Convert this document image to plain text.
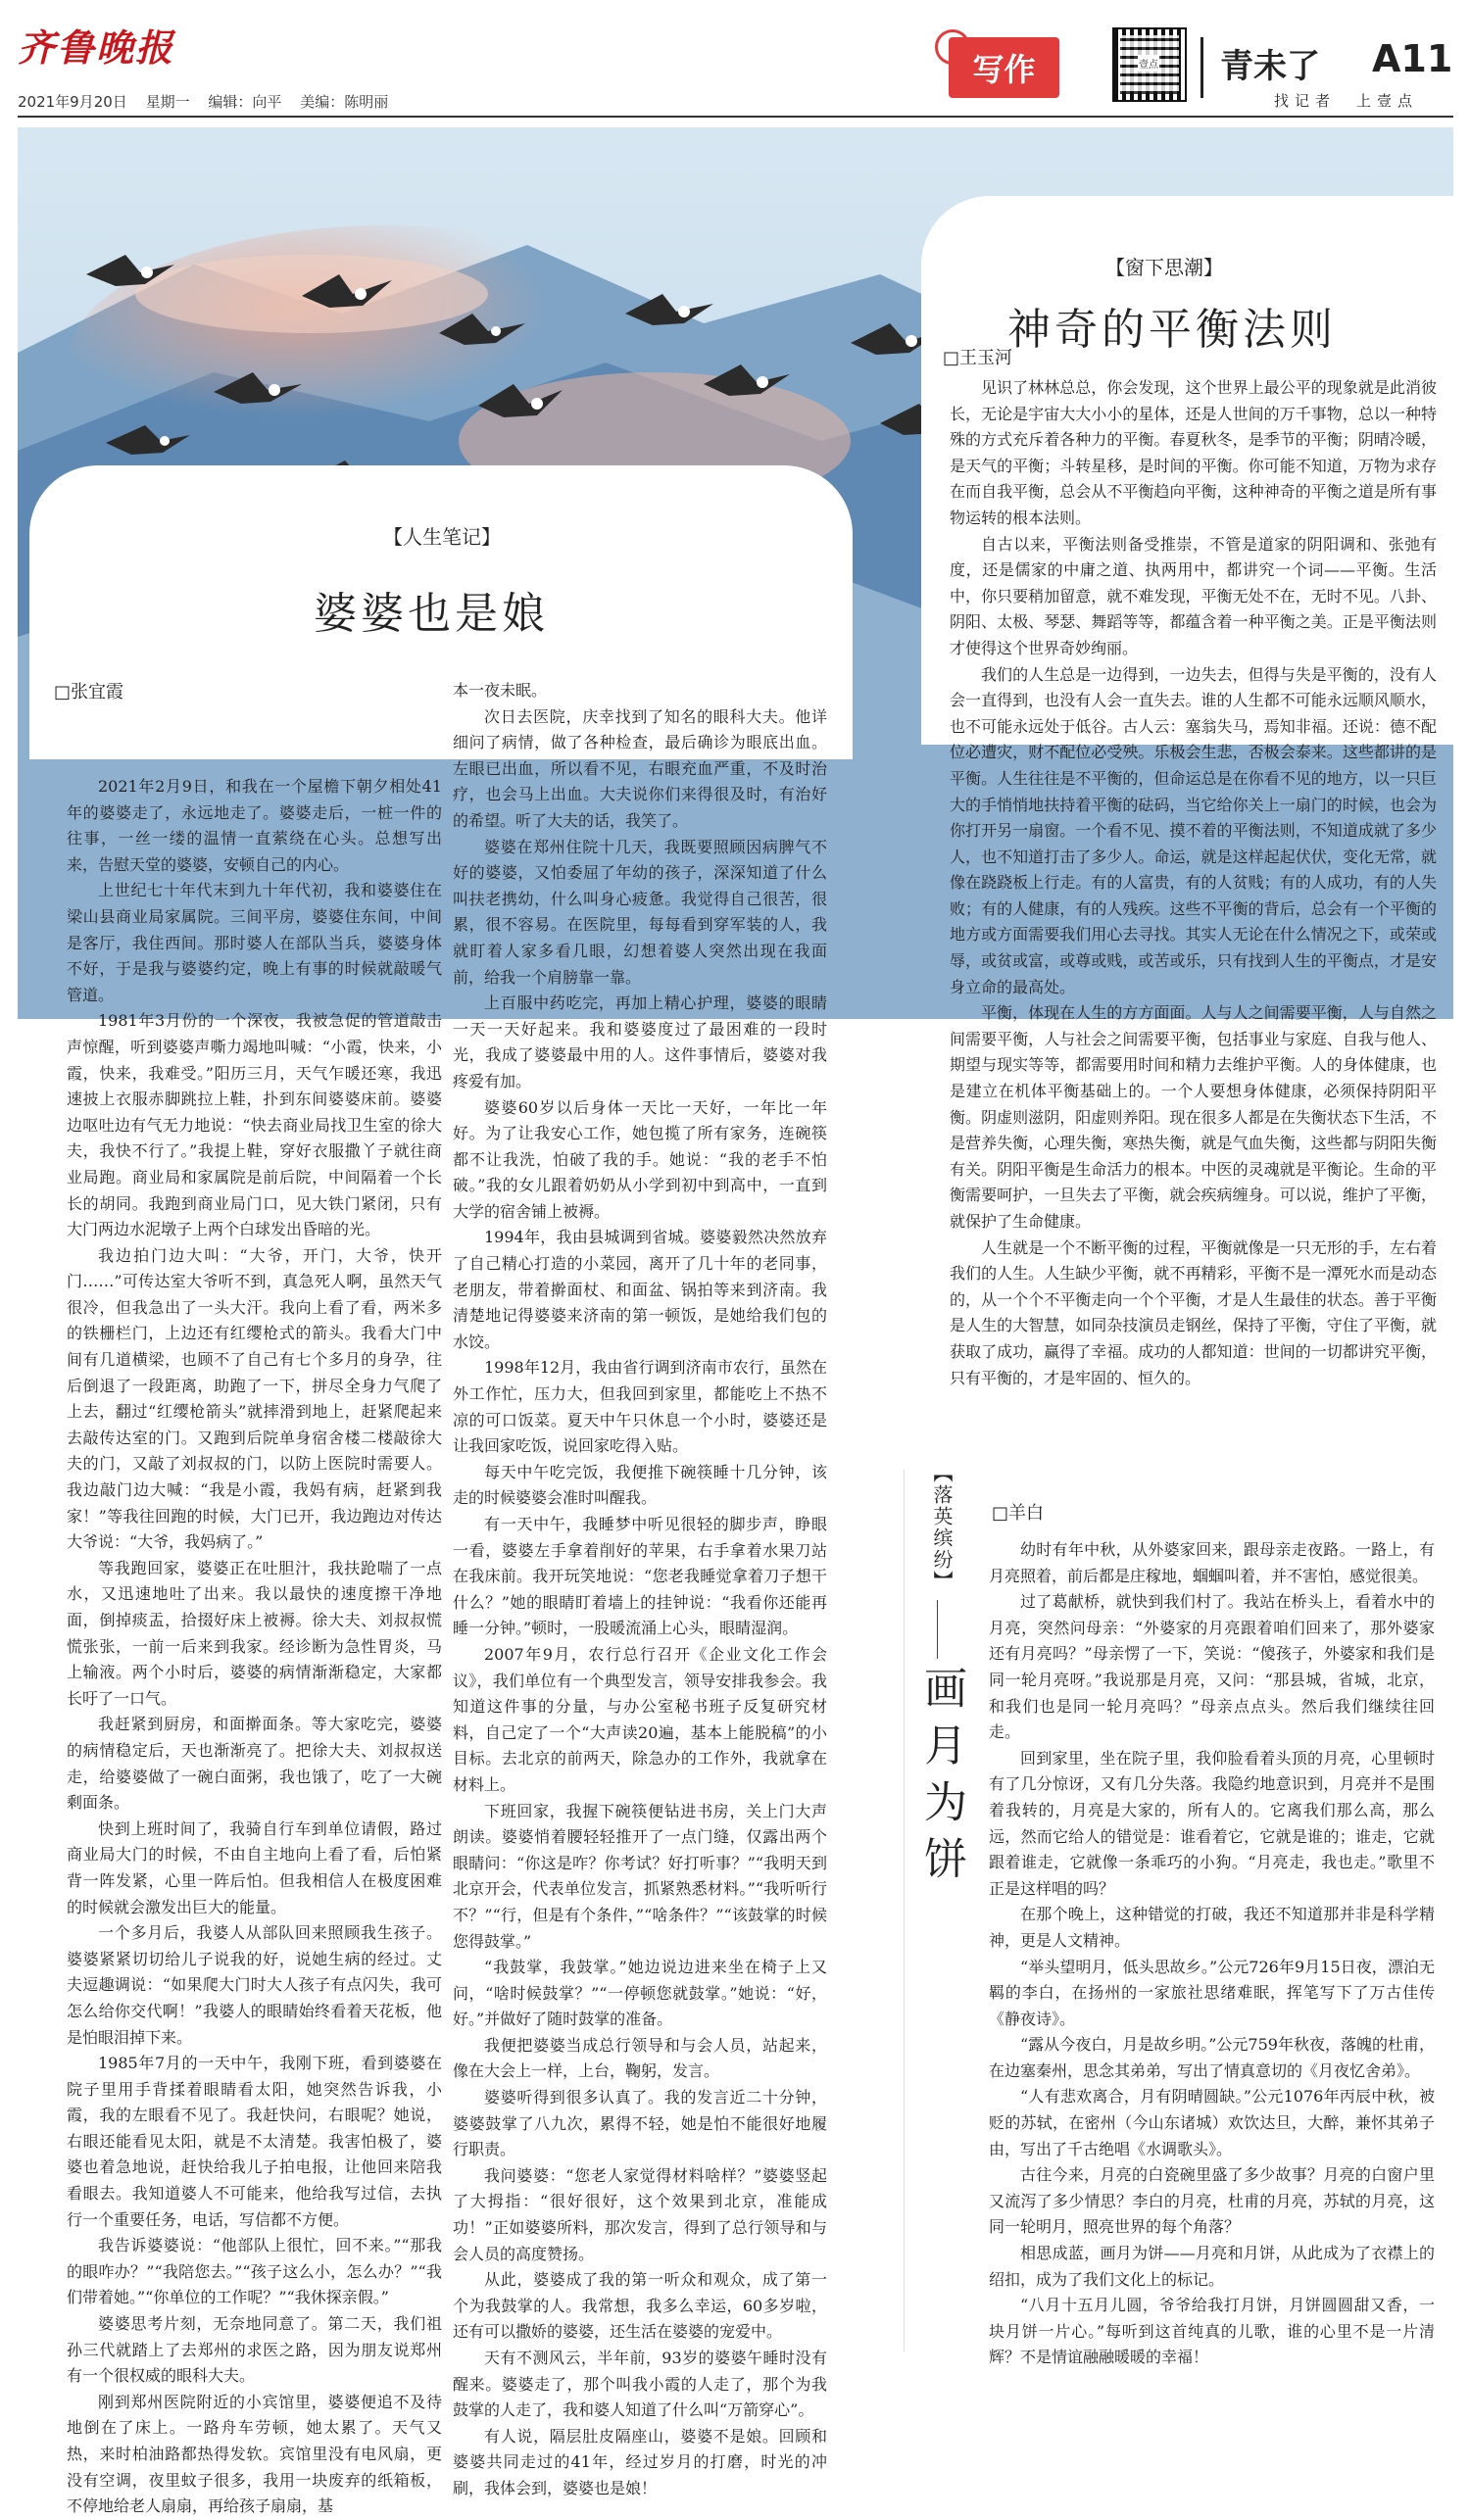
齐鲁晚报
2021年9月20日 星期一 编辑：向平 美编：陈明丽
写作	壹点 青未了 A11
找记者　上壹点
【窗下思潮】
神奇的平衡法则
□王玉河

见识了林林总总，你会发现，这个世界上最公平的现象就是此消彼长，无论是宇宙大大小小的星体，还是人世间的万千事物，总以一种特殊的方式充斥着各种力的平衡。春夏秋冬，是季节的平衡；阴晴冷暖，是天气的平衡；斗转星移，是时间的平衡。你可能不知道，万物为求存在而自我平衡，总会从不平衡趋向平衡，这种神奇的平衡之道是所有事物运转的根本法则。

自古以来，平衡法则备受推崇，不管是道家的阴阳调和、张弛有度，还是儒家的中庸之道、执两用中，都讲究一个词——平衡。生活中，你只要稍加留意，就不难发现，平衡无处不在，无时不见。八卦、阴阳、太极、琴瑟、舞蹈等等，都蕴含着一种平衡之美。正是平衡法则才使得这个世界奇妙绚丽。

我们的人生总是一边得到，一边失去，但得与失是平衡的，没有人会一直得到，也没有人会一直失去。谁的人生都不可能永远顺风顺水，也不可能永远处于低谷。古人云：塞翁失马，焉知非福。还说：德不配位必遭灾，财不配位必受殃。乐极会生悲，否极会泰来。这些都讲的是平衡。人生往往是不平衡的，但命运总是在你看不见的地方，以一只巨大的手悄悄地扶持着平衡的砝码，当它给你关上一扇门的时候，也会为你打开另一扇窗。一个看不见、摸不着的平衡法则，不知道成就了多少人，也不知道打击了多少人。命运，就是这样起起伏伏，变化无常，就像在跷跷板上行走。有的人富贵，有的人贫贱；有的人成功，有的人失败；有的人健康，有的人残疾。这些不平衡的背后，总会有一个平衡的地方或方面需要我们用心去寻找。其实人无论在什么情况之下，或荣或辱，或贫或富，或尊或贱，或苦或乐，只有找到人生的平衡点，才是安身立命的最高处。

平衡，体现在人生的方方面面。人与人之间需要平衡，人与自然之间需要平衡，人与社会之间需要平衡，包括事业与家庭、自我与他人、期望与现实等等，都需要用时间和精力去维护平衡。人的身体健康，也是建立在机体平衡基础上的。一个人要想身体健康，必须保持阴阳平衡。阴虚则滋阴，阳虚则养阳。现在很多人都是在失衡状态下生活，不是营养失衡，心理失衡，寒热失衡，就是气血失衡，这些都与阴阳失衡有关。阴阳平衡是生命活力的根本。中医的灵魂就是平衡论。生命的平衡需要呵护，一旦失去了平衡，就会疾病缠身。可以说，维护了平衡，就保护了生命健康。

人生就是一个不断平衡的过程，平衡就像是一只无形的手，左右着我们的人生。人生缺少平衡，就不再精彩，平衡不是一潭死水而是动态的，从一个个不平衡走向一个个平衡，才是人生最佳的状态。善于平衡是人生的大智慧，如同杂技演员走钢丝，保持了平衡，守住了平衡，就获取了成功，赢得了幸福。成功的人都知道：世间的一切都讲究平衡，只有平衡的，才是牢固的、恒久的。

【人生笔记】
婆婆也是娘
□张宜霞

2021年2月9日，和我在一个屋檐下朝夕相处41年的婆婆走了，永远地走了。婆婆走后，一桩一件的往事，一丝一缕的温情一直萦绕在心头。总想写出来，告慰天堂的婆婆，安顿自己的内心。

上世纪七十年代末到九十年代初，我和婆婆住在梁山县商业局家属院。三间平房，婆婆住东间，中间是客厅，我住西间。那时婆人在部队当兵，婆婆身体不好，于是我与婆婆约定，晚上有事的时候就敲暖气管道。

1981年3月份的一个深夜，我被急促的管道敲击声惊醒，听到婆婆声嘶力竭地叫喊：“小霞，快来，小霞，快来，我难受。”阳历三月，天气乍暖还寒，我迅速披上衣服赤脚跳拉上鞋，扑到东间婆婆床前。婆婆边呕吐边有气无力地说：“快去商业局找卫生室的徐大夫，我快不行了。”我提上鞋，穿好衣服撒丫子就往商业局跑。商业局和家属院是前后院，中间隔着一个长长的胡同。我跑到商业局门口，见大铁门紧闭，只有大门两边水泥墩子上两个白球发出昏暗的光。

我边拍门边大叫：“大爷，开门，大爷，快开门……”可传达室大爷听不到，真急死人啊，虽然天气很冷，但我急出了一头大汗。我向上看了看，两米多的铁栅栏门，上边还有红缨枪式的箭头。我看大门中间有几道横梁，也顾不了自己有七个多月的身孕，往后倒退了一段距离，助跑了一下，拼尽全身力气爬了上去，翻过“红缨枪箭头”就摔滑到地上，赶紧爬起来去敲传达室的门。又跑到后院单身宿舍楼二楼敲徐大夫的门，又敲了刘叔叔的门，以防上医院时需要人。我边敲门边大喊：“我是小霞，我妈有病，赶紧到我家！”等我往回跑的时候，大门已开，我边跑边对传达大爷说：“大爷，我妈病了。”

等我跑回家，婆婆正在吐胆汁，我扶跄喘了一点水，又迅速地吐了出来。我以最快的速度擦干净地面，倒掉痰盂，拾掇好床上被褥。徐大夫、刘叔叔慌慌张张，一前一后来到我家。经诊断为急性胃炎，马上输液。两个小时后，婆婆的病情渐渐稳定，大家都长吁了一口气。

我赶紧到厨房，和面擀面条。等大家吃完，婆婆的病情稳定后，天也渐渐亮了。把徐大夫、刘叔叔送走，给婆婆做了一碗白面粥，我也饿了，吃了一大碗剩面条。

快到上班时间了，我骑自行车到单位请假，路过商业局大门的时候，不由自主地向上看了看，后怕紧背一阵发紧，心里一阵后怕。但我相信人在极度困难的时候就会激发出巨大的能量。

一个多月后，我婆人从部队回来照顾我生孩子。婆婆紧紧切切给儿子说我的好，说她生病的经过。丈夫逗趣调说：“如果爬大门时大人孩子有点闪失，我可怎么给你交代啊！”我婆人的眼睛始终看着天花板，他是怕眼泪掉下来。

1985年7月的一天中午，我刚下班，看到婆婆在院子里用手背揉着眼睛看太阳，她突然告诉我，小霞，我的左眼看不见了。我赶快问，右眼呢？她说，右眼还能看见太阳，就是不太清楚。我害怕极了，婆婆也着急地说，赶快给我儿子拍电报，让他回来陪我看眼去。我知道婆人不可能来，他给我写过信，去执行一个重要任务，电话，写信都不方便。

我告诉婆婆说：“他部队上很忙，回不来。”“那我的眼咋办？”“我陪您去。”“孩子这么小，怎么办？”“我们带着她。”“你单位的工作呢？”“我休探亲假。”

婆婆思考片刻，无奈地同意了。第二天，我们祖孙三代就踏上了去郑州的求医之路，因为朋友说郑州有一个很权威的眼科大夫。

刚到郑州医院附近的小宾馆里，婆婆便追不及待地倒在了床上。一路舟车劳顿，她太累了。天气又热，来时柏油路都热得发软。宾馆里没有电风扇，更没有空调，夜里蚊子很多，我用一块废弃的纸箱板，不停地给老人扇扇，再给孩子扇扇，基

本一夜未眠。

次日去医院，庆幸找到了知名的眼科大夫。他详细问了病情，做了各种检查，最后确诊为眼底出血。左眼已出血，所以看不见，右眼充血严重，不及时治疗，也会马上出血。大夫说你们来得很及时，有治好的希望。听了大夫的话，我笑了。

婆婆在郑州住院十几天，我既要照顾因病脾气不好的婆婆，又怕委屈了年幼的孩子，深深知道了什么叫扶老携幼，什么叫身心疲惫。我觉得自己很苦，很累，很不容易。在医院里，每每看到穿军装的人，我就盯着人家多看几眼，幻想着婆人突然出现在我面前，给我一个肩膀靠一靠。

上百服中药吃完，再加上精心护理，婆婆的眼睛一天一天好起来。我和婆婆度过了最困难的一段时光，我成了婆婆最中用的人。这件事情后，婆婆对我疼爱有加。

婆婆60岁以后身体一天比一天好，一年比一年好。为了让我安心工作，她包揽了所有家务，连碗筷都不让我洗，怕破了我的手。她说：“我的老手不怕破。”我的女儿跟着奶奶从小学到初中到高中，一直到大学的宿舍铺上被褥。

1994年，我由县城调到省城。婆婆毅然决然放弃了自己精心打造的小菜园，离开了几十年的老同事，老朋友，带着擀面杖、和面盆、锅拍等来到济南。我清楚地记得婆婆来济南的第一顿饭，是她给我们包的水饺。

1998年12月，我由省行调到济南市农行，虽然在外工作忙，压力大，但我回到家里，都能吃上不热不凉的可口饭菜。夏天中午只休息一个小时，婆婆还是让我回家吃饭，说回家吃得入贴。

每天中午吃完饭，我便推下碗筷睡十几分钟，该走的时候婆婆会准时叫醒我。

有一天中午，我睡梦中听见很轻的脚步声，睁眼一看，婆婆左手拿着削好的苹果，右手拿着水果刀站在我床前。我开玩笑地说：“您老我睡觉拿着刀子想干什么？”她的眼睛盯着墙上的挂钟说：“我看你还能再睡一分钟。”顿时，一股暖流涌上心头，眼睛湿润。

2007年9月，农行总行召开《企业文化工作会议》，我们单位有一个典型发言，领导安排我参会。我知道这件事的分量，与办公室秘书班子反复研究材料，自己定了一个“大声读20遍，基本上能脱稿”的小目标。去北京的前两天，除急办的工作外，我就拿在材料上。

下班回家，我握下碗筷便钻进书房，关上门大声朗读。婆婆悄着腰轻轻推开了一点门缝，仅露出两个眼睛问：“你这是咋？你考试？好打听事？”“我明天到北京开会，代表单位发言，抓紧熟悉材料。”“我听听行不？”“行，但是有个条件，”“啥条件？”“该鼓掌的时候您得鼓掌。”

“我鼓掌，我鼓掌。”她边说边进来坐在椅子上又问，“啥时候鼓掌？”“一停顿您就鼓掌。”她说：“好，好。”并做好了随时鼓掌的准备。

我便把婆婆当成总行领导和与会人员，站起来，像在大会上一样，上台，鞠躬，发言。

婆婆听得到很多认真了。我的发言近二十分钟，婆婆鼓掌了八九次，累得不轻，她是怕不能很好地履行职责。

我问婆婆：“您老人家觉得材料啥样？”婆婆竖起了大拇指：“很好很好，这个效果到北京，准能成功！”正如婆婆所料，那次发言，得到了总行领导和与会人员的高度赞扬。

从此，婆婆成了我的第一听众和观众，成了第一个为我鼓掌的人。我常想，我多么幸运，60多岁啦，还有可以撒娇的婆婆，还生活在婆婆的宠爱中。

天有不测风云，半年前，93岁的婆婆午睡时没有醒来。婆婆走了，那个叫我小霞的人走了，那个为我鼓掌的人走了，我和婆人知道了什么叫“万箭穿心”。

有人说，隔层肚皮隔座山，婆婆不是娘。回顾和婆婆共同走过的41年，经过岁月的打磨，时光的冲刷，我体会到，婆婆也是娘！

【落英缤纷】
画月为饼
□羊白

幼时有年中秋，从外婆家回来，跟母亲走夜路。一路上，有月亮照着，前后都是庄稼地，蝈蝈叫着，并不害怕，感觉很美。

过了葛献桥，就快到我们村了。我站在桥头上，看着水中的月亮，突然问母亲：“外婆家的月亮跟着咱们回来了，那外婆家还有月亮吗？”母亲愣了一下，笑说：“傻孩子，外婆家和我们是同一轮月亮呀。”我说那是月亮，又问：“那县城，省城，北京，和我们也是同一轮月亮吗？”母亲点点头。然后我们继续往回走。

回到家里，坐在院子里，我仰脸看着头顶的月亮，心里顿时有了几分惊讶，又有几分失落。我隐约地意识到，月亮并不是围着我转的，月亮是大家的，所有人的。它离我们那么高，那么远，然而它给人的错觉是：谁看着它，它就是谁的；谁走，它就跟着谁走，它就像一条乖巧的小狗。“月亮走，我也走。”歌里不正是这样唱的吗？

在那个晚上，这种错觉的打破，我还不知道那并非是科学精神，更是人文精神。

“举头望明月，低头思故乡。”公元726年9月15日夜，漂泊无羁的李白，在扬州的一家旅社思绪难眠，挥笔写下了万古佳传《静夜诗》。

“露从今夜白，月是故乡明。”公元759年秋夜，落魄的杜甫，在边塞秦州，思念其弟弟，写出了情真意切的《月夜忆舍弟》。

“人有悲欢离合，月有阴晴圆缺。”公元1076年丙辰中秋，被贬的苏轼，在密州（今山东诸城）欢饮达旦，大醉，兼怀其弟子由，写出了千古绝唱《水调歌头》。

古往今来，月亮的白瓷碗里盛了多少故事？月亮的白窗户里又流泻了多少情思？李白的月亮，杜甫的月亮，苏轼的月亮，这同一轮明月，照亮世界的每个角落？

相思成蓝，画月为饼——月亮和月饼，从此成为了衣襟上的绍扣，成为了我们文化上的标记。

“八月十五月儿圆，爷爷给我打月饼，月饼圆圆甜又香，一块月饼一片心。”每听到这首纯真的儿歌，谁的心里不是一片清辉？不是情谊融融暖暖的幸福！
